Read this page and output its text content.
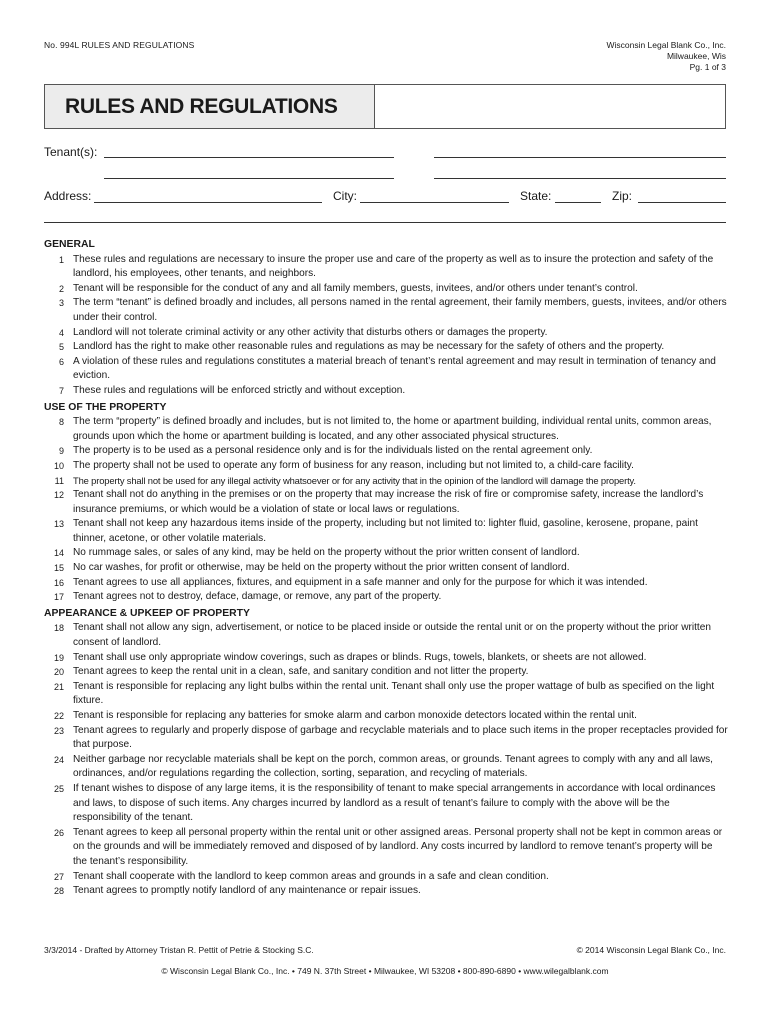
No. 994L RULES AND REGULATIONS	Wisconsin Legal Blank Co., Inc.
Milwaukee, Wis
Pg. 1 of 3
RULES AND REGULATIONS
Tenant(s):
Address:	City:	State:	Zip:
GENERAL
1 These rules and regulations are necessary to insure the proper use and care of the property as well as to insure the protection and safety of the landlord, his employees, other tenants, and neighbors.
2 Tenant will be responsible for the conduct of any and all family members, guests, invitees, and/or others under tenant’s control.
3 The term “tenant” is defined broadly and includes, all persons named in the rental agreement, their family members, guests, invitees, and/or others under their control.
4 Landlord will not tolerate criminal activity or any other activity that disturbs others or damages the property.
5 Landlord has the right to make other reasonable rules and regulations as may be necessary for the safety of others and the property.
6 A violation of these rules and regulations constitutes a material breach of tenant’s rental agreement and may result in termination of tenancy and eviction.
7 These rules and regulations will be enforced strictly and without exception.
USE OF THE PROPERTY
8 The term “property” is defined broadly and includes, but is not limited to, the home or apartment building, individual rental units, common areas, grounds upon which the home or apartment building is located, and any other associated physical structures.
9 The property is to be used as a personal residence only and is for the individuals listed on the rental agreement only.
10 The property shall not be used to operate any form of business for any reason, including but not limited to, a child-care facility.
11 The property shall not be used for any illegal activity whatsoever or for any activity that in the opinion of the landlord will damage the property.
12 Tenant shall not do anything in the premises or on the property that may increase the risk of fire or compromise safety, increase the landlord’s insurance premiums, or which would be a violation of state or local laws or regulations.
13 Tenant shall not keep any hazardous items inside of the property, including but not limited to: lighter fluid, gasoline, kerosene, propane, paint thinner, acetone, or other volatile materials.
14 No rummage sales, or sales of any kind, may be held on the property without the prior written consent of landlord.
15 No car washes, for profit or otherwise, may be held on the property without the prior written consent of landlord.
16 Tenant agrees to use all appliances, fixtures, and equipment in a safe manner and only for the purpose for which it was intended.
17 Tenant agrees not to destroy, deface, damage, or remove, any part of the property.
APPEARANCE & UPKEEP OF PROPERTY
18 Tenant shall not allow any sign, advertisement, or notice to be placed inside or outside the rental unit or on the property without the prior written consent of landlord.
19 Tenant shall use only appropriate window coverings, such as drapes or blinds. Rugs, towels, blankets, or sheets are not allowed.
20 Tenant agrees to keep the rental unit in a clean, safe, and sanitary condition and not litter the property.
21 Tenant is responsible for replacing any light bulbs within the rental unit. Tenant shall only use the proper wattage of bulb as specified on the light fixture.
22 Tenant is responsible for replacing any batteries for smoke alarm and carbon monoxide detectors located within the rental unit.
23 Tenant agrees to regularly and properly dispose of garbage and recyclable materials and to place such items in the proper receptacles provided for that purpose.
24 Neither garbage nor recyclable materials shall be kept on the porch, common areas, or grounds. Tenant agrees to comply with any and all laws, ordinances, and/or regulations regarding the collection, sorting, separation, and recycling of materials.
25 If tenant wishes to dispose of any large items, it is the responsibility of tenant to make special arrangements in accordance with local ordinances and laws, to dispose of such items. Any charges incurred by landlord as a result of tenant’s failure to comply with the above will be the responsibility of the tenant.
26 Tenant agrees to keep all personal property within the rental unit or other assigned areas. Personal property shall not be kept in common areas or on the grounds and will be immediately removed and disposed of by landlord. Any costs incurred by landlord to remove tenant’s property will be the tenant’s responsibility.
27 Tenant shall cooperate with the landlord to keep common areas and grounds in a safe and clean condition.
28 Tenant agrees to promptly notify landlord of any maintenance or repair issues.
3/3/2014 - Drafted by Attorney Tristan R. Pettit of Petrie & Stocking S.C.	© 2014 Wisconsin Legal Blank Co., Inc.
© Wisconsin Legal Blank Co., Inc. • 749 N. 37th Street • Milwaukee, WI 53208 • 800-890-6890 • www.wilegalblank.com
